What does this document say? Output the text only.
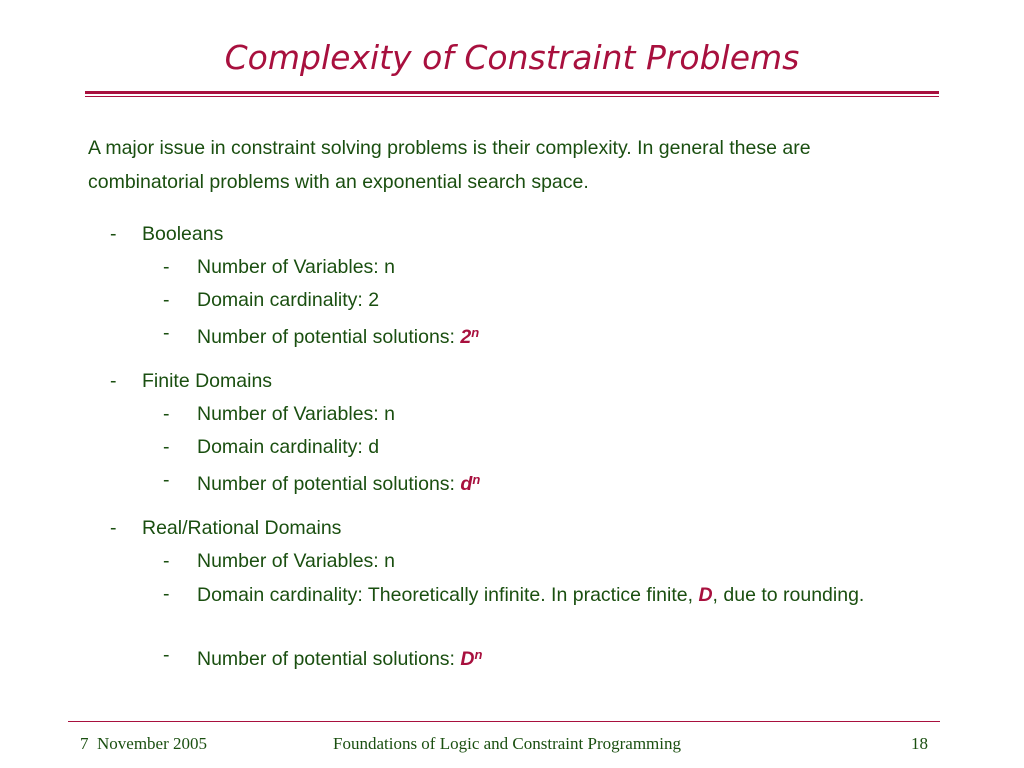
Complexity of Constraint Problems
A major issue in constraint solving problems is their complexity. In general these are combinatorial problems with an exponential search space.
- Booleans
- Number of Variables: n
- Domain cardinality: 2
- Number of potential solutions: 2$^n$
- Finite Domains
- Number of Variables: n
- Domain cardinality: d
- Number of potential solutions: $d^n$
- Real/Rational Domains
- Number of Variables: n
- Domain cardinality: Theoretically infinite. In practice finite, D, due to rounding.
- Number of potential solutions: $D^n$
7  November 2005	Foundations of Logic and Constraint Programming	18
